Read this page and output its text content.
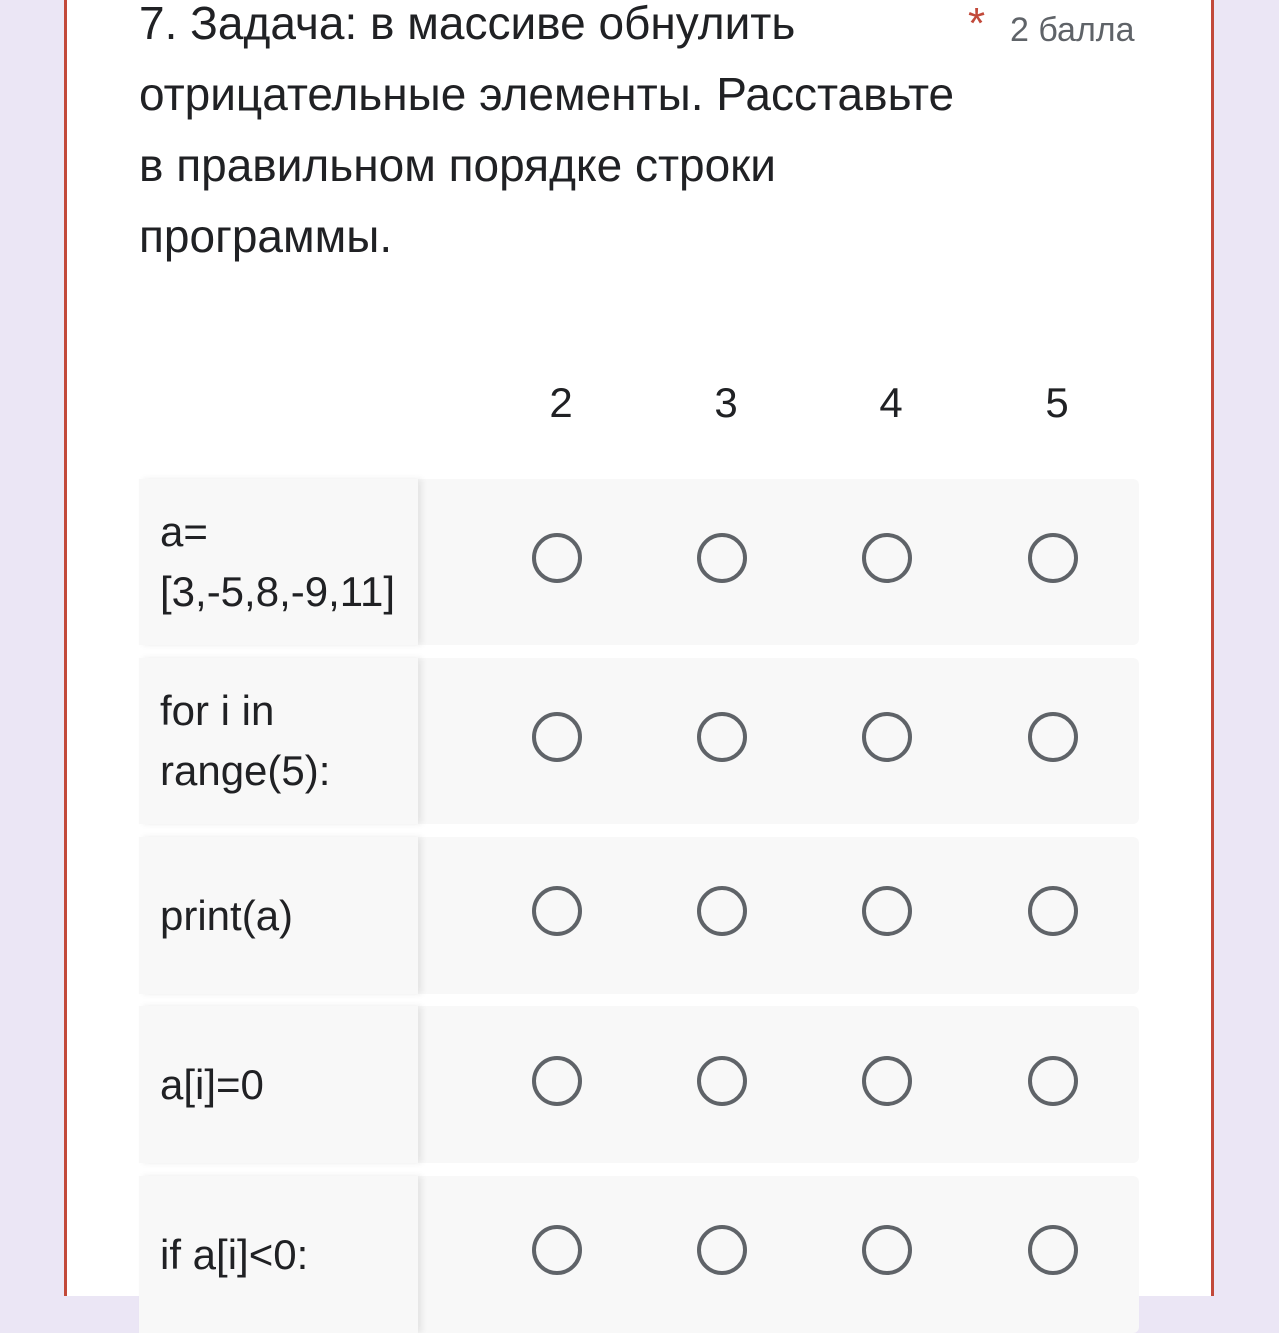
7. Задача: в массиве обнулить отрицательные элементы. Расставьте в правильном порядке строки программы.
* 2 балла
2	3	4	5
a= [3,-5,8,-9,11]
for i in range(5):
print(a)
a[i]=0
if a[i]<0:
